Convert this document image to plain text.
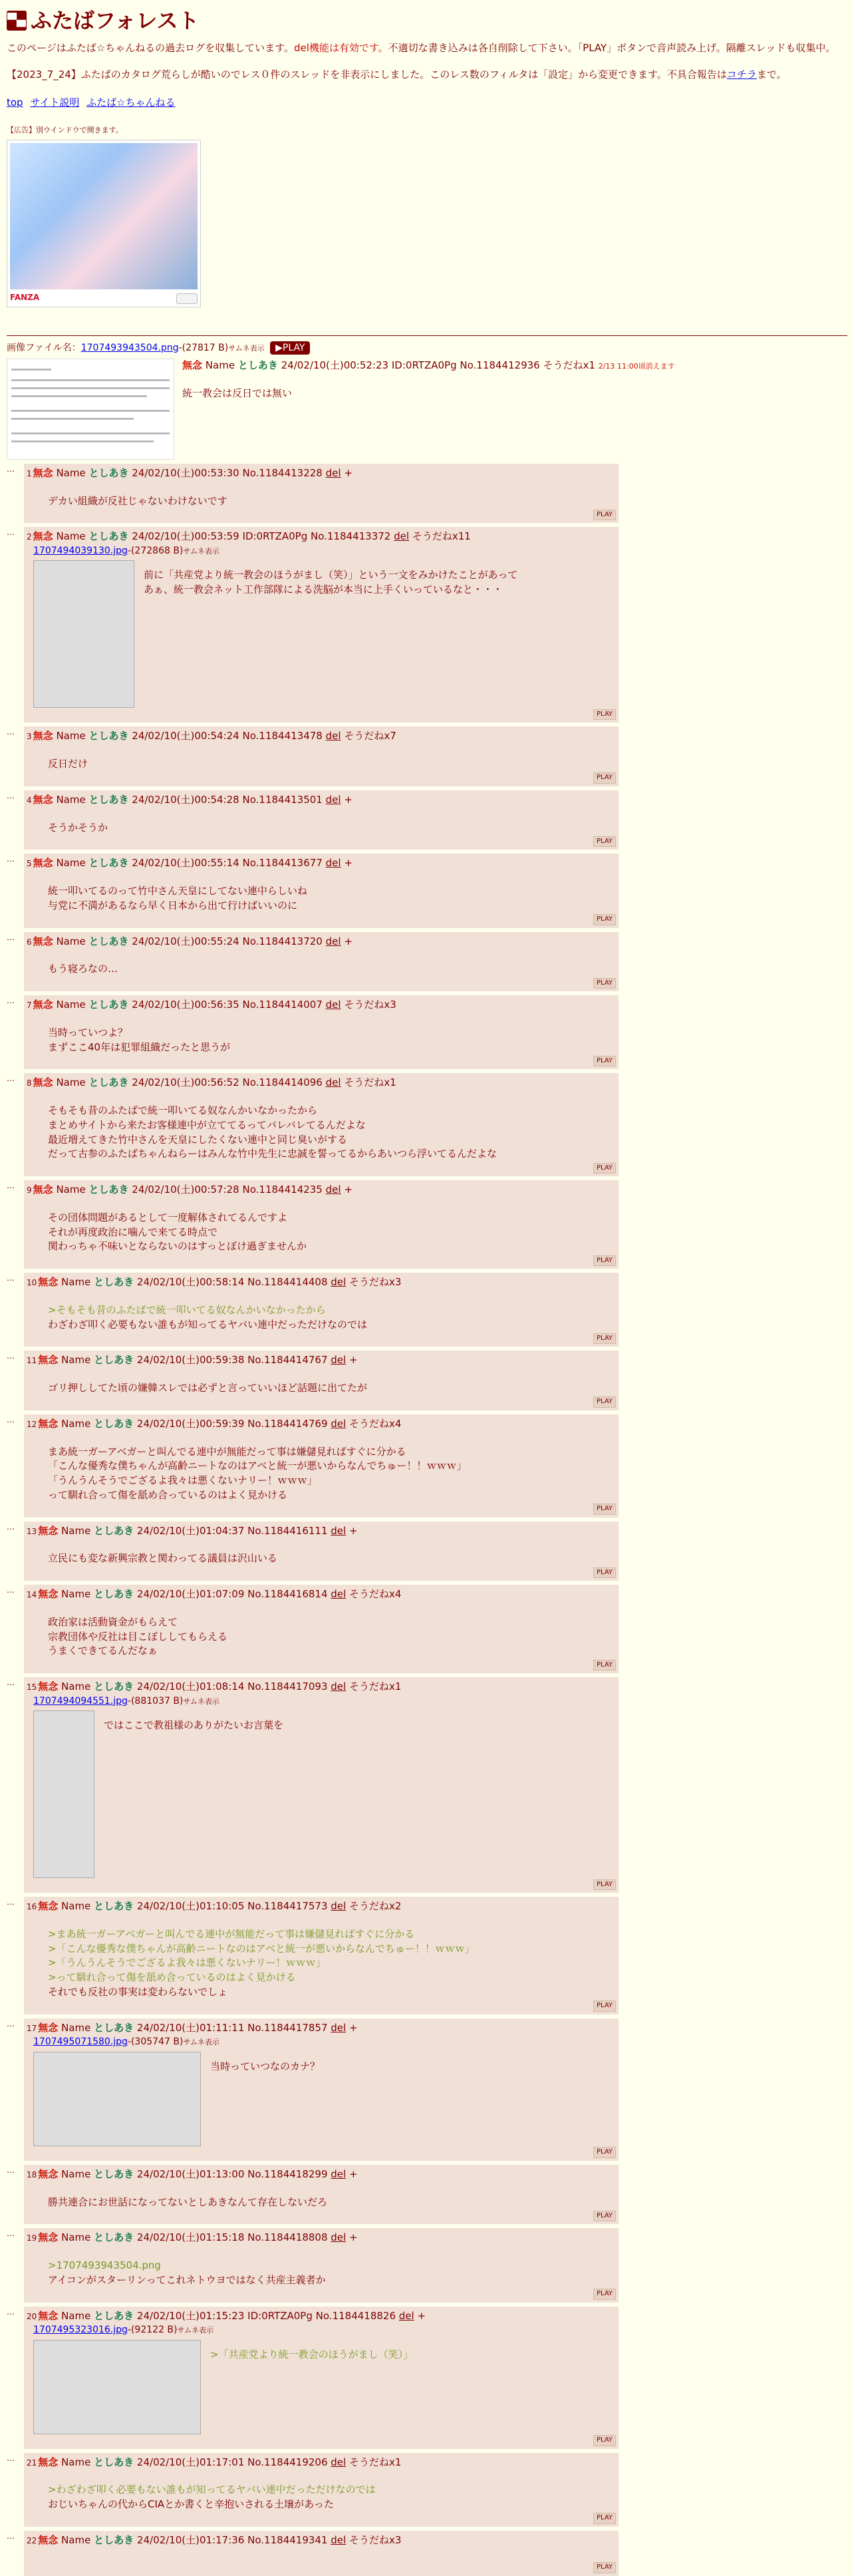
▀▄ ふたばフォレスト

このページはふたば☆ちゃんねるの過去ログを収集しています。del機能は有効です。不適切な書き込みは各自削除して下さい。「PLAY」ボタンで音声読み上げ。隔離スレッドも収集中。

【2023_7_24】ふたばのカタログ荒らしが酷いのでレス０件のスレッドを非表示にしました。このレス数のフィルタは「設定」から変更できます。不具合報告はコチラまで。

top サイト説明 ふたば☆ちゃんねる
【広告】別ウインドウで開きます。
FANZA
画像ファイル名：1707493943504.png-(27817 B)サムネ表示 ▶PLAY
無念 Name としあき 24/02/10(土)00:52:23 ID:0RTZA0Pg No.1184412936 そうだねx1 2/13 11:00頃消えます
統一教会は反日では無い
…	1 無念 Name としあき 24/02/10(土)00:53:30 No.1184413228 del +
デカい組織が反社じゃないわけないです
PLAY
…	2 無念 Name としあき 24/02/10(土)00:53:59 ID:0RTZA0Pg No.1184413372 del そうだねx11
1707494039130.jpg-(272868 B)サムネ表示
前に「共産党より統一教会のほうがまし（笑）」という一文をみかけたことがあって
あぁ、統一教会ネット工作部隊による洗脳が本当に上手くいっているなと・・・
PLAY
…	3 無念 Name としあき 24/02/10(土)00:54:24 No.1184413478 del そうだねx7
反日だけ
PLAY
…	4 無念 Name としあき 24/02/10(土)00:54:28 No.1184413501 del +
そうかそうか
PLAY
…	5 無念 Name としあき 24/02/10(土)00:55:14 No.1184413677 del +
統一叩いてるのって竹中さん天皇にしてない連中らしいね
与党に不満があるなら早く日本から出て行けばいいのに
PLAY
…	6 無念 Name としあき 24/02/10(土)00:55:24 No.1184413720 del +
もう寝ろなの…
PLAY
…	7 無念 Name としあき 24/02/10(土)00:56:35 No.1184414007 del そうだねx3
当時っていつよ？
まずここ40年は犯罪組織だったと思うが
PLAY
…	8 無念 Name としあき 24/02/10(土)00:56:52 No.1184414096 del そうだねx1
そもそも昔のふたばで統一叩いてる奴なんかいなかったから
まとめサイトから来たお客様連中が立ててるってバレバレてるんだよな
最近増えてきた竹中さんを天皇にしたくない連中と同じ臭いがする
だって古参のふたばちゃんねらーはみんな竹中先生に忠誠を誓ってるからあいつら浮いてるんだよな
PLAY
…	9 無念 Name としあき 24/02/10(土)00:57:28 No.1184414235 del +
その団体問題があるとして一度解体されてるんですよ
それが再度政治に噛んで来てる時点で
関わっちゃ不味いとならないのはすっとぼけ過ぎませんか
PLAY
…	10 無念 Name としあき 24/02/10(土)00:58:14 No.1184414408 del そうだねx3
>そもそも昔のふたばで統一叩いてる奴なんかいなかったから
わざわざ叩く必要もない誰もが知ってるヤバい連中だっただけなのでは
PLAY
…	11 無念 Name としあき 24/02/10(土)00:59:38 No.1184414767 del +
ゴリ押ししてた頃の嫌韓スレでは必ずと言っていいほど話題に出てたが
PLAY
…	12 無念 Name としあき 24/02/10(土)00:59:39 No.1184414769 del そうだねx4
まあ統一ガーアベガーと叫んでる連中が無能だって事は嫌儲見ればすぐに分かる
「こんな優秀な僕ちゃんが高齢ニートなのはアベと統一が悪いからなんでちゅー！！ｗｗｗ」
「うんうんそうでござるよ我々は悪くないナリー！ｗｗｗ」
って馴れ合って傷を舐め合っているのはよく見かける
PLAY
…	13 無念 Name としあき 24/02/10(土)01:04:37 No.1184416111 del +
立民にも変な新興宗教と関わってる議員は沢山いる
PLAY
…	14 無念 Name としあき 24/02/10(土)01:07:09 No.1184416814 del そうだねx4
政治家は活動資金がもらえて
宗教団体や反社は目こぼししてもらえる
うまくできてるんだなぁ
PLAY
…	15 無念 Name としあき 24/02/10(土)01:08:14 No.1184417093 del そうだねx1
1707494094551.jpg-(881037 B)サムネ表示
ではここで教祖様のありがたいお言葉を
PLAY
…	16 無念 Name としあき 24/02/10(土)01:10:05 No.1184417573 del そうだねx2
>まあ統一ガーアベガーと叫んでる連中が無能だって事は嫌儲見ればすぐに分かる
>「こんな優秀な僕ちゃんが高齢ニートなのはアベと統一が悪いからなんでちゅー！！ｗｗｗ」
>「うんうんそうでござるよ我々は悪くないナリー！ｗｗｗ」
>って馴れ合って傷を舐め合っているのはよく見かける
それでも反社の事実は変わらないでしょ
PLAY
…	17 無念 Name としあき 24/02/10(土)01:11:11 No.1184417857 del +
1707495071580.jpg-(305747 B)サムネ表示
当時っていつなのカナ？
PLAY
…	18 無念 Name としあき 24/02/10(土)01:13:00 No.1184418299 del +
勝共連合にお世話になってないとしあきなんて存在しないだろ
PLAY
…	19 無念 Name としあき 24/02/10(土)01:15:18 No.1184418808 del +
>1707493943504.png
アイコンがスターリンってこれネトウヨではなく共産主義者か
PLAY
…	20 無念 Name としあき 24/02/10(土)01:15:23 ID:0RTZA0Pg No.1184418826 del +
1707495323016.jpg-(92122 B)サムネ表示
>「共産党より統一教会のほうがまし（笑）」
PLAY
…	21 無念 Name としあき 24/02/10(土)01:17:01 No.1184419206 del そうだねx1
>わざわざ叩く必要もない誰もが知ってるヤバい連中だっただけなのでは
おじいちゃんの代からCIAとか書くと辛抱いされる土壌があった
PLAY
…	22 無念 Name としあき 24/02/10(土)01:17:36 No.1184419341 del そうだねx3
PLAY
